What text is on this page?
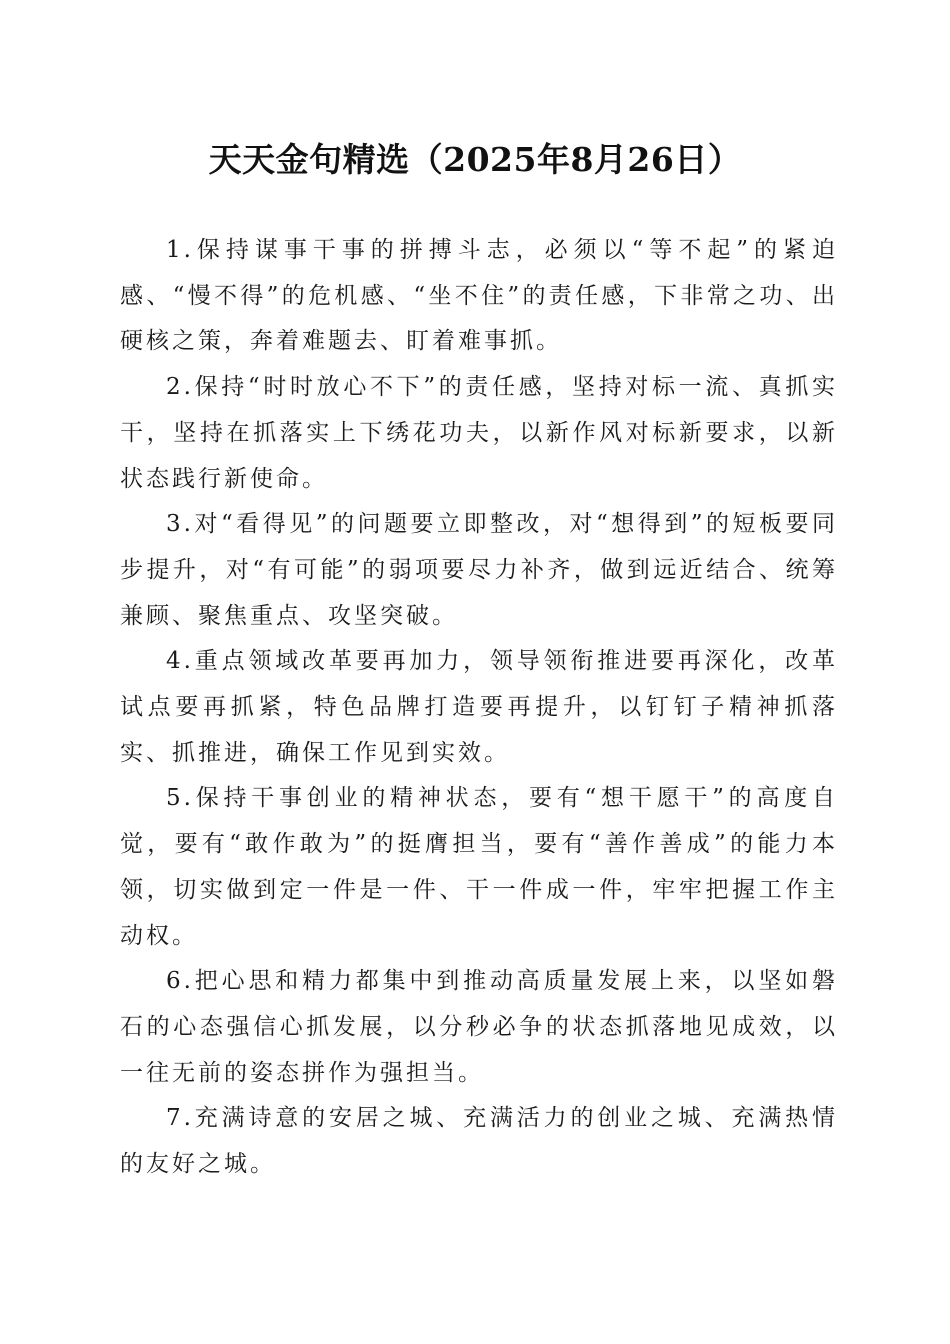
天天金句精选（2025年8月26日）

1.保持谋事干事的拼搏斗志，必须以“等不起”的紧迫感、“慢不得”的危机感、“坐不住”的责任感，下非常之功、出硬核之策，奔着难题去、盯着难事抓。

2.保持“时时放心不下”的责任感，坚持对标一流、真抓实干，坚持在抓落实上下绣花功夫，以新作风对标新要求，以新状态践行新使命。

3.对“看得见”的问题要立即整改，对“想得到”的短板要同步提升，对“有可能”的弱项要尽力补齐，做到远近结合、统筹兼顾、聚焦重点、攻坚突破。

4.重点领域改革要再加力，领导领衔推进要再深化，改革试点要再抓紧，特色品牌打造要再提升，以钉钉子精神抓落实、抓推进，确保工作见到实效。

5.保持干事创业的精神状态，要有“想干愿干”的高度自觉，要有“敢作敢为”的挺膺担当，要有“善作善成”的能力本领，切实做到定一件是一件、干一件成一件，牢牢把握工作主动权。

6.把心思和精力都集中到推动高质量发展上来，以坚如磐石的心态强信心抓发展，以分秒必争的状态抓落地见成效，以一往无前的姿态拼作为强担当。

7.充满诗意的安居之城、充满活力的创业之城、充满热情的友好之城。
